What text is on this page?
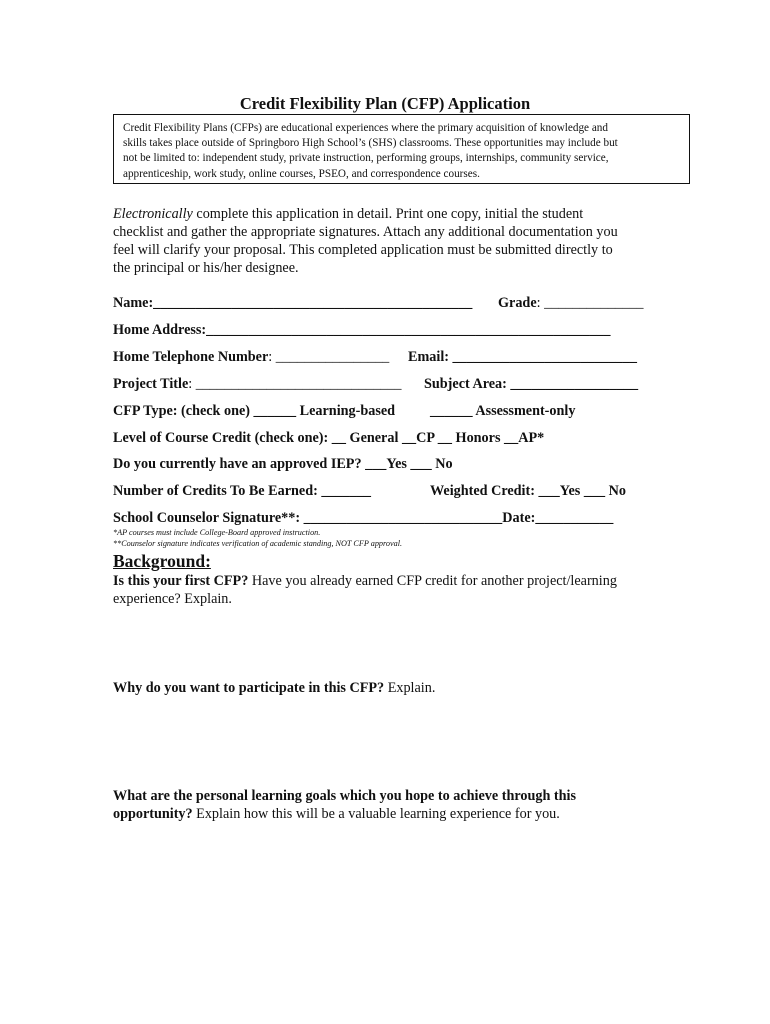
Credit Flexibility Plan (CFP) Application
Credit Flexibility Plans (CFPs) are educational experiences where the primary acquisition of knowledge and
skills takes place outside of Springboro High School’s (SHS) classrooms. These opportunities may include but
not be limited to: independent study, private instruction, performing groups, internships, community service,
apprenticeship, work study, online courses, PSEO, and correspondence courses.
Electronically complete this application in detail. Print one copy, initial the student
checklist and gather the appropriate signatures. Attach any additional documentation you
feel will clarify your proposal. This completed application must be submitted directly to
the principal or his/her designee.
Name:_____________________________________________ Grade: ______________
Home Address:_________________________________________________________
Home Telephone Number: ________________ Email: __________________________
Project Title: _____________________________ Subject Area: __________________
CFP Type: (check one) ______ Learning-based ______ Assessment-only
Level of Course Credit (check one): __ General __CP __ Honors __AP*
Do you currently have an approved IEP? ___Yes ___ No
Number of Credits To Be Earned: _______	Weighted Credit: ___Yes ___ No
School Counselor Signature**: ____________________________Date:___________
*AP courses must include College-Board approved instruction.
**Counselor signature indicates verification of academic standing, NOT CFP approval.
Background:
Is this your first CFP? Have you already earned CFP credit for another project/learning
experience? Explain.
Why do you want to participate in this CFP? Explain.
What are the personal learning goals which you hope to achieve through this
opportunity? Explain how this will be a valuable learning experience for you.
